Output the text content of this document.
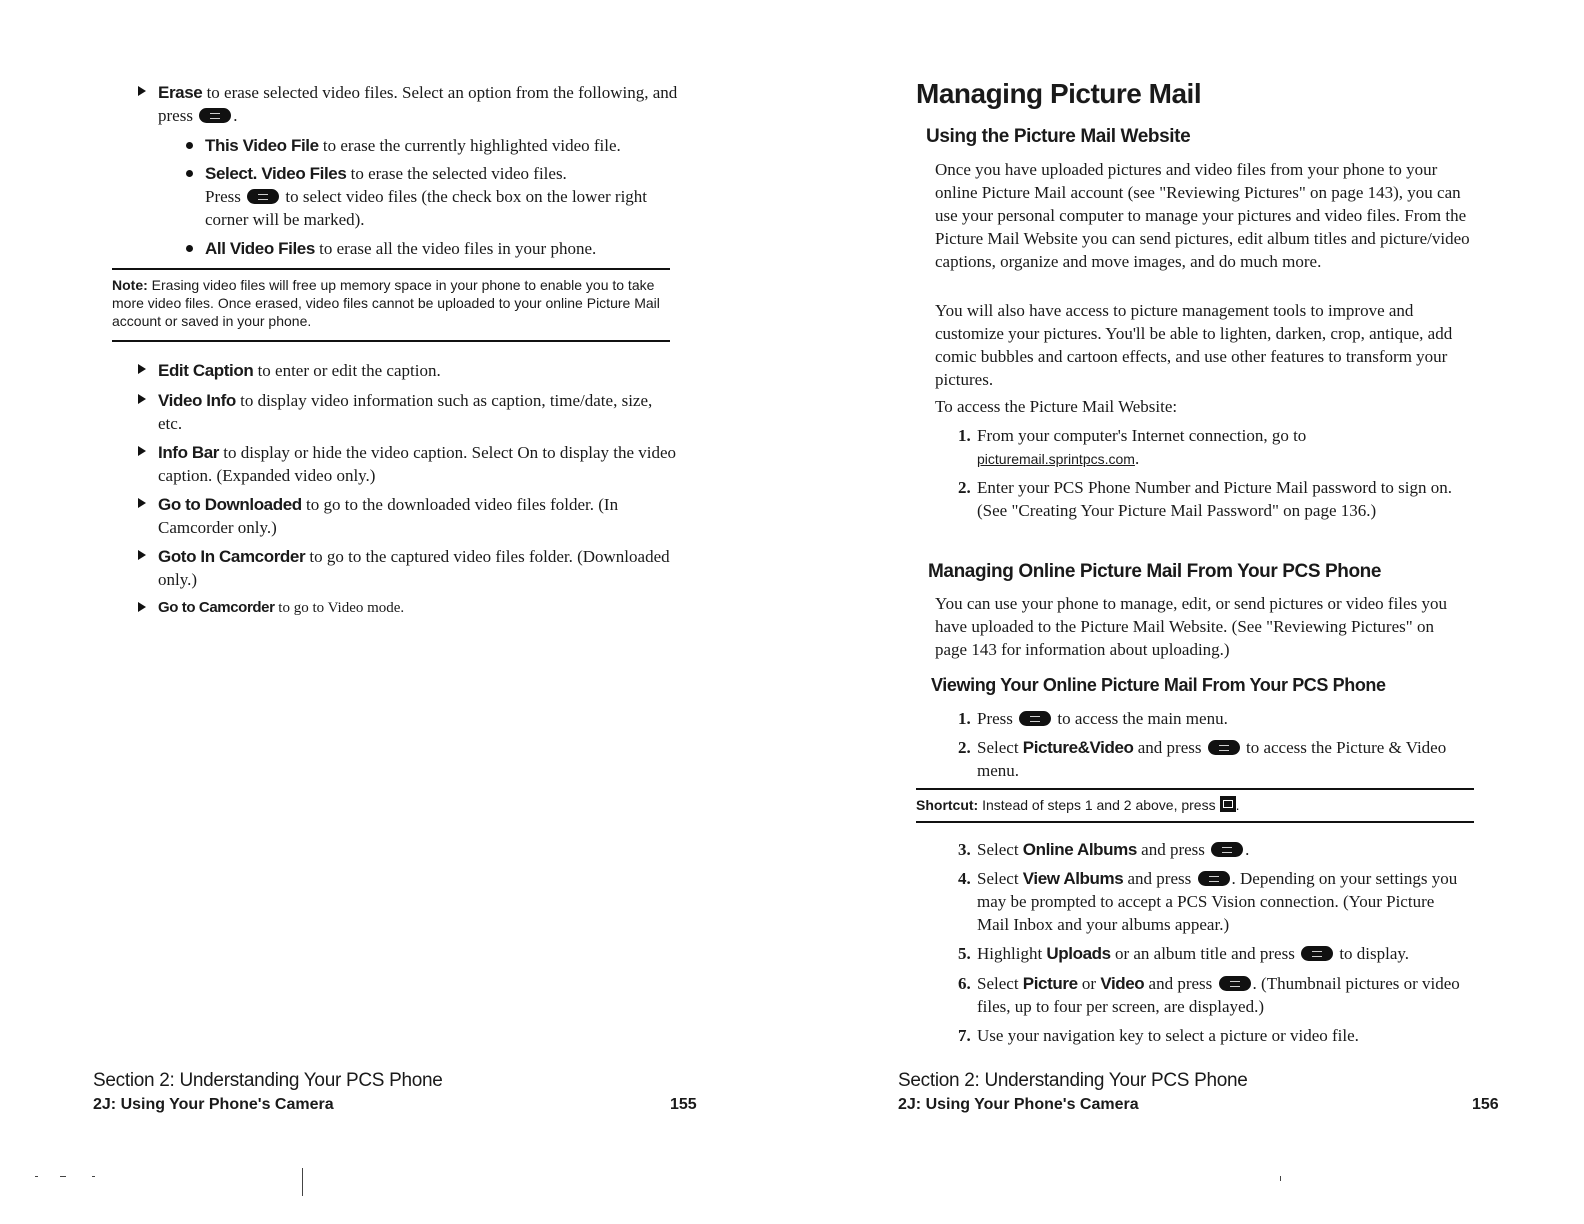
Erase to erase selected video files. Select an option from the following, and press .
This Video File to erase the currently highlighted video file.
Select. Video Files to erase the selected video files.
Press  to select video files (the check box on the lower right corner will be marked).
All Video Files to erase all the video files in your phone.
Note: Erasing video files will free up memory space in your phone to enable you to take more video files. Once erased, video files cannot be uploaded to your online Picture Mail account or saved in your phone.
Edit Caption to enter or edit the caption.
Video Info to display video information such as caption, time/date, size, etc.
Info Bar to display or hide the video caption. Select On to display the video caption. (Expanded video only.)
Go to Downloaded to go to the downloaded video files folder. (In Camcorder only.)
Goto In Camcorder to go to the captured video files folder. (Downloaded only.)
Go to Camcorder to go to Video mode.
Section 2: Understanding Your PCS Phone
2J: Using Your Phone's Camera	155
Managing Picture Mail
Using the Picture Mail Website
Once you have uploaded pictures and video files from your phone to your online Picture Mail account (see "Reviewing Pictures" on page 143), you can use your personal computer to manage your pictures and video files. From the Picture Mail Website you can send pictures, edit album titles and picture/video captions, organize and move images, and do much more.
You will also have access to picture management tools to improve and customize your pictures. You'll be able to lighten, darken, crop, antique, add comic bubbles and cartoon effects, and use other features to transform your pictures.
To access the Picture Mail Website:
1. From your computer's Internet connection, go to
picturemail.sprintpcs.com.
2. Enter your PCS Phone Number and Picture Mail password to sign on. (See "Creating Your Picture Mail Password" on page 136.)
Managing Online Picture Mail From Your PCS Phone
You can use your phone to manage, edit, or send pictures or video files you have uploaded to the Picture Mail Website. (See "Reviewing Pictures" on page 143 for information about uploading.)
Viewing Your Online Picture Mail From Your PCS Phone
1. Press  to access the main menu.
2. Select Picture&Video and press  to access the Picture & Video menu.
Shortcut: Instead of steps 1 and 2 above, press .
3. Select Online Albums and press .
4. Select View Albums and press . Depending on your settings you may be prompted to accept a PCS Vision connection. (Your Picture Mail Inbox and your albums appear.)
5. Highlight Uploads or an album title and press  to display.
6. Select Picture or Video and press . (Thumbnail pictures or video files, up to four per screen, are displayed.)
7. Use your navigation key to select a picture or video file.
Section 2: Understanding Your PCS Phone
2J: Using Your Phone's Camera	156
